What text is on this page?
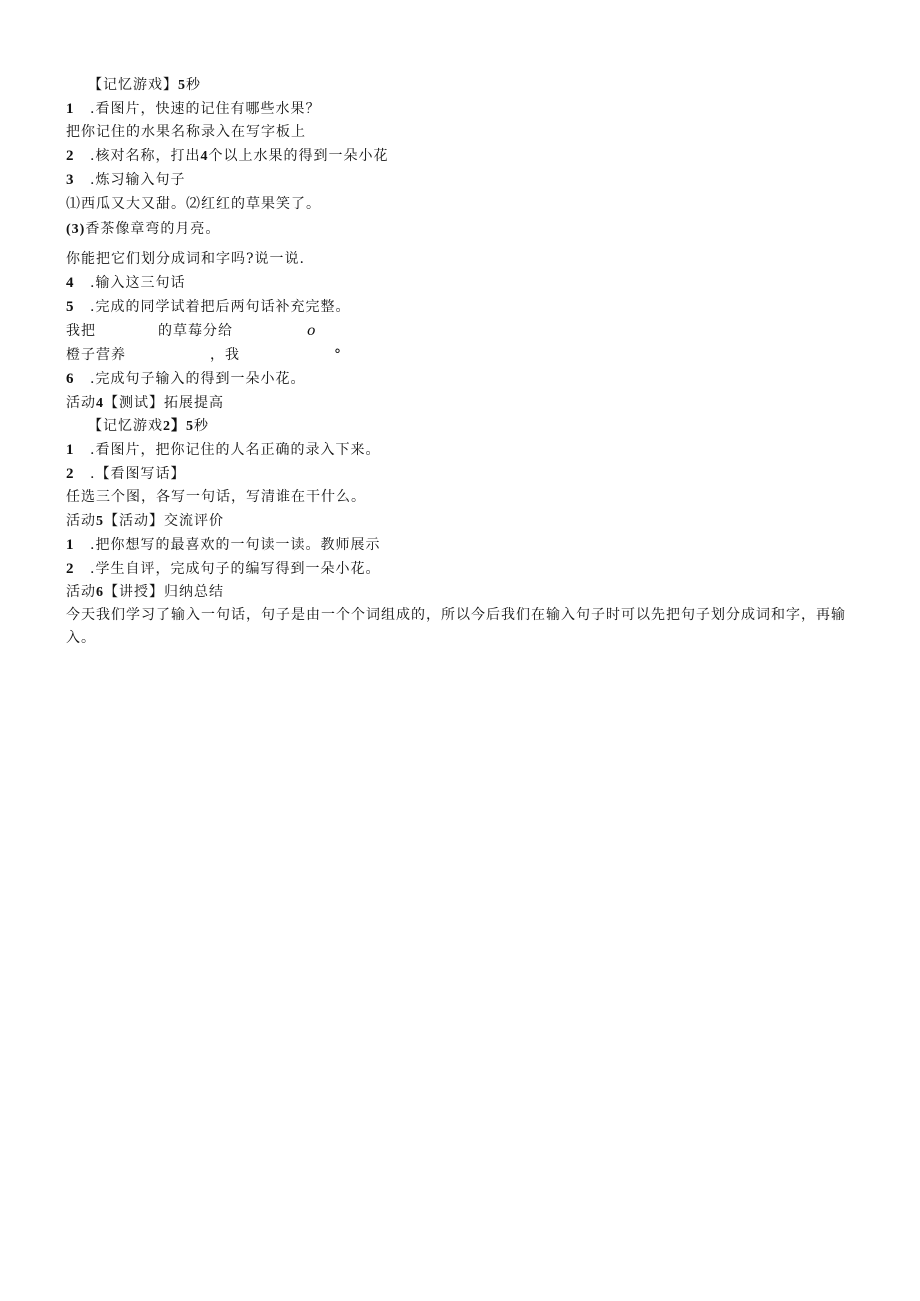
【记忆游戏】5秒
1 .看图片，快速的记住有哪些水果？
把你记住的水果名称录入在写字板上
2 .核对名称，打出4个以上水果的得到一朵小花
3 .炼习输入句子
⑴西瓜又大又甜。⑵红红的草果笑了。
(3)香茶像章弯的月亮。
你能把它们划分成词和字吗?说一说.
4 .输入这三句话
5 .完成的同学试着把后两句话补充完整。
我把	的草莓分给	o
橙子营养	，我	°
6 .完成句子输入的得到一朵小花。
活动4【测试】拓展提高
【记忆游戏2】5秒
1 .看图片，把你记住的人名正确的录入下来。
2 .【看图写话】
任选三个图，各写一句话，写清谁在干什么。
活动5【活动】交流评价
1 .把你想写的最喜欢的一句读一读。教师展示
2 .学生自评，完成句子的编写得到一朵小花。
活动6【讲授】归纳总结
今天我们学习了输入一句话，句子是由一个个词组成的，所以今后我们在输入句子时可以先把句子划分成词和字，再输入。
